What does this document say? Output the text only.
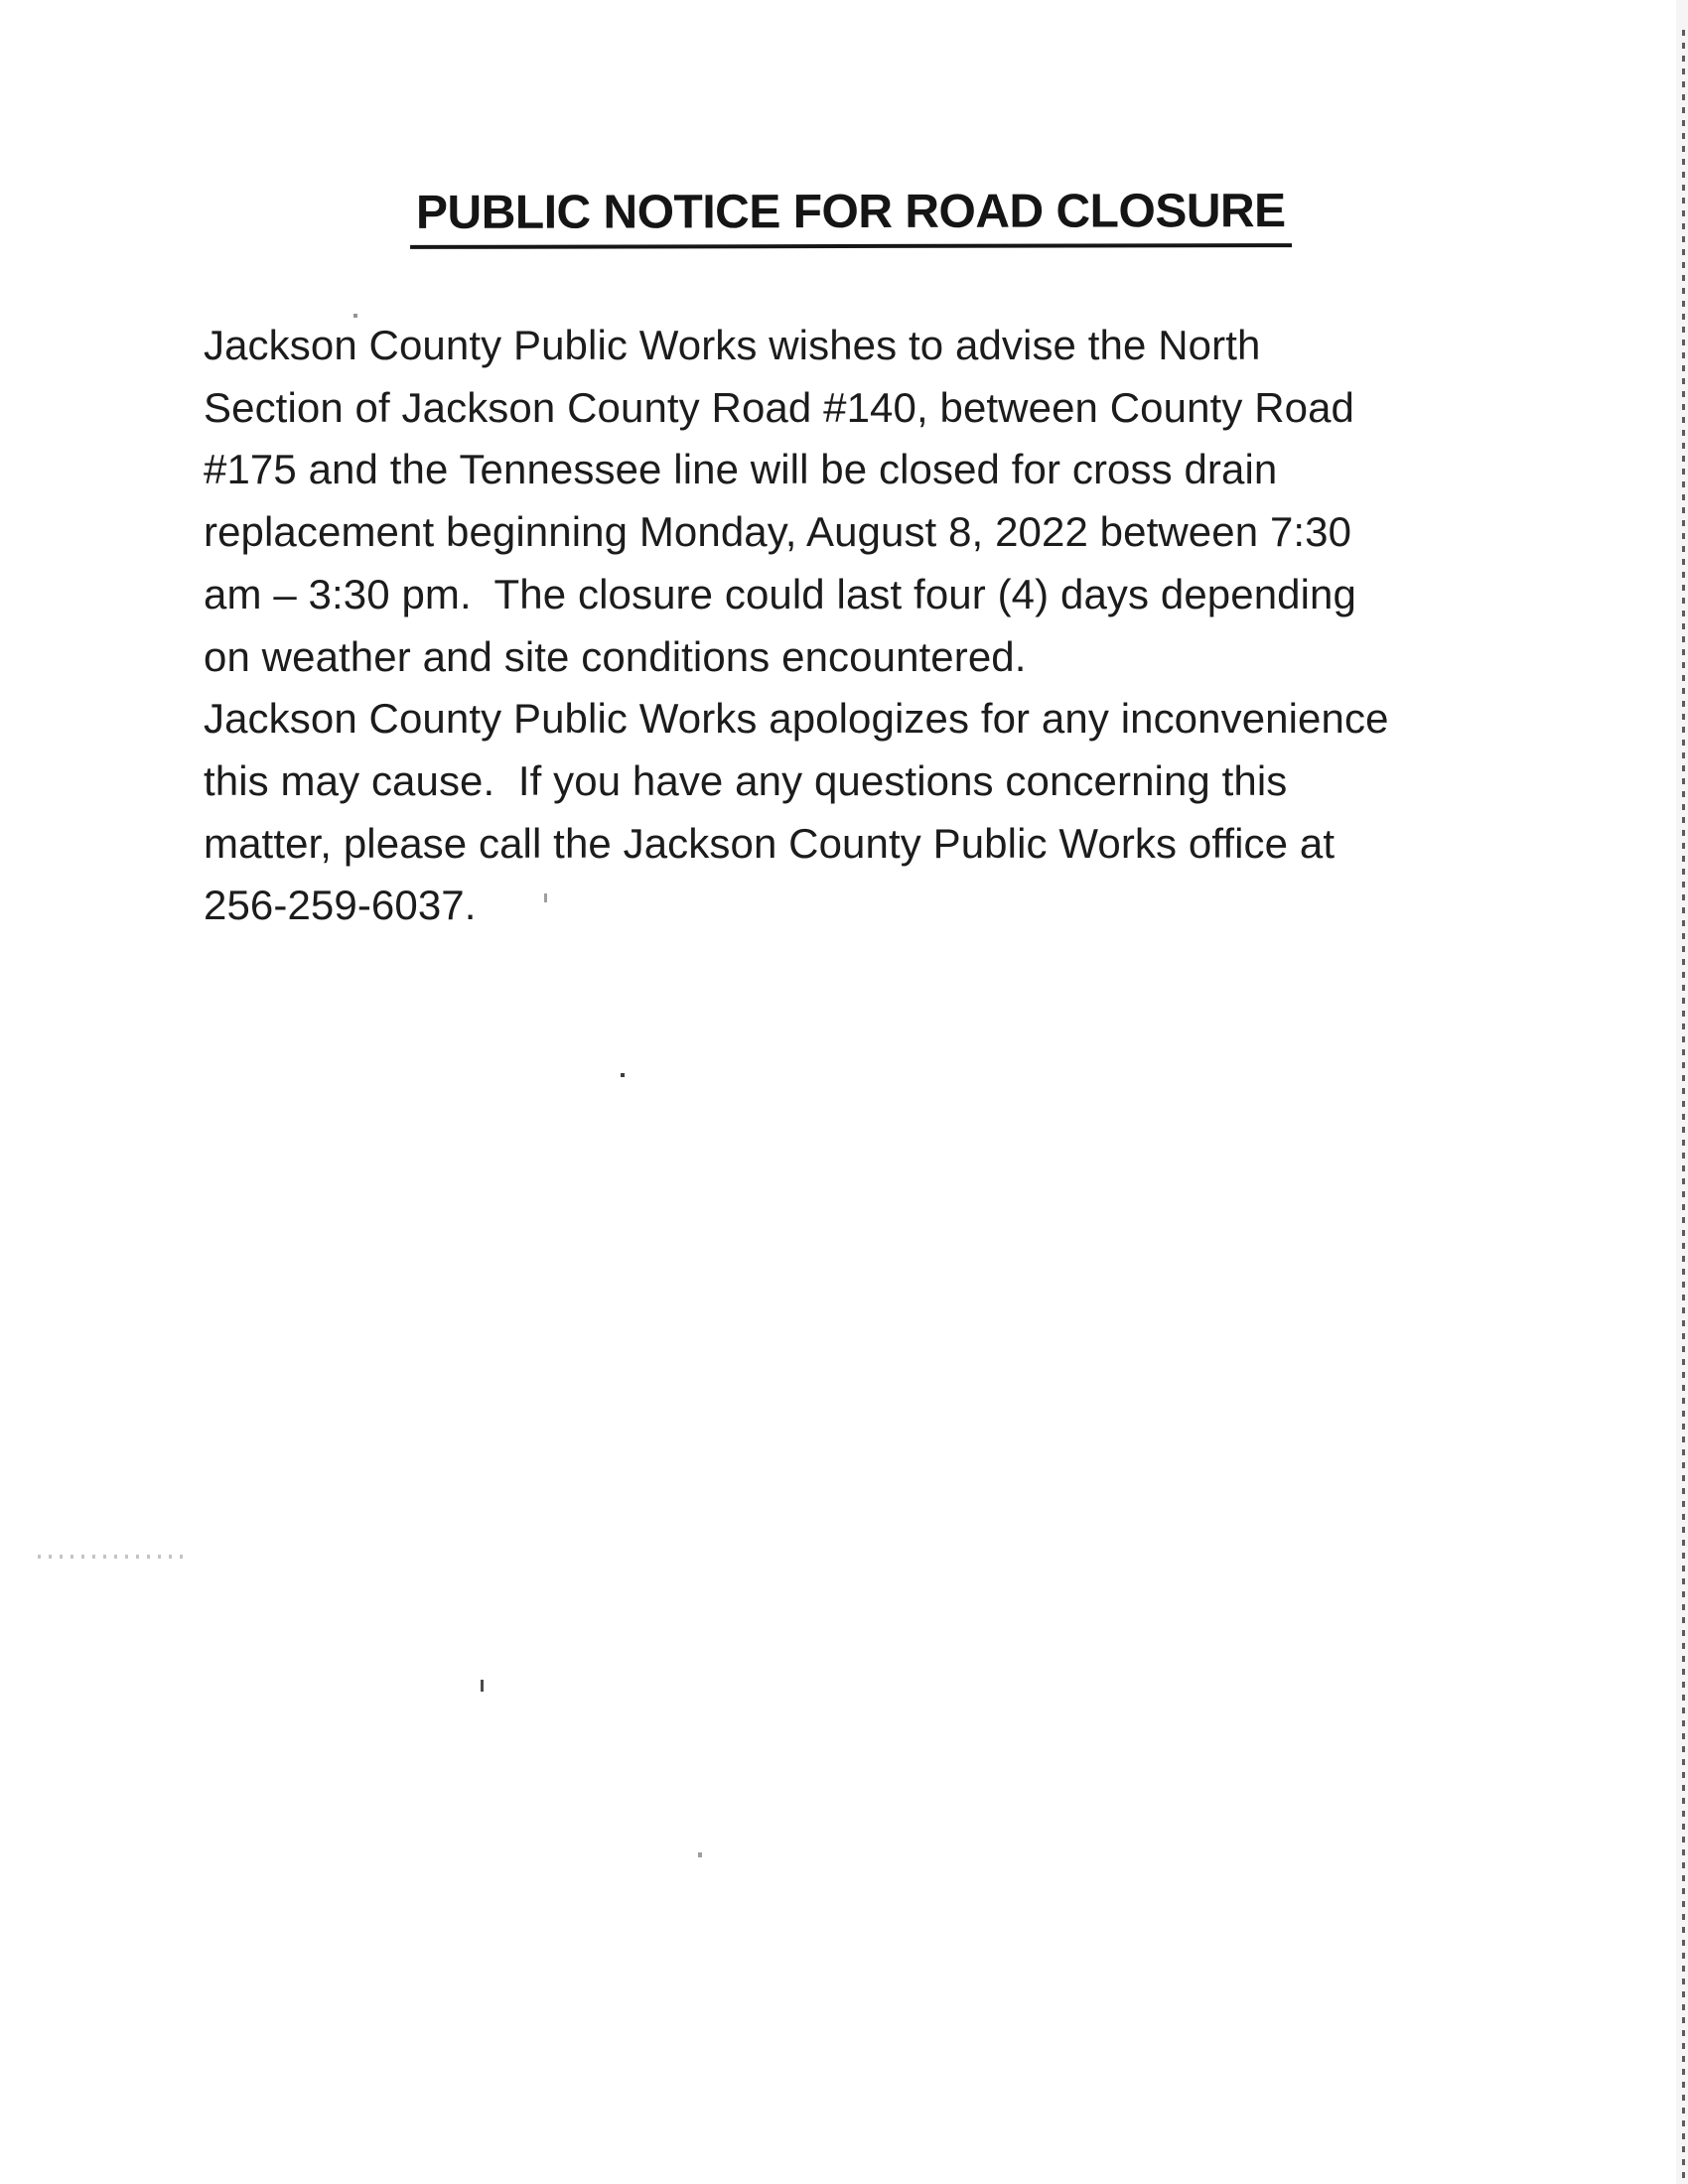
PUBLIC NOTICE FOR ROAD CLOSURE
Jackson County Public Works wishes to advise the North
Section of Jackson County Road #140, between County Road
#175 and the Tennessee line will be closed for cross drain
replacement beginning Monday, August 8, 2022 between 7:30
am – 3:30 pm.  The closure could last four (4) days depending
on weather and site conditions encountered.
Jackson County Public Works apologizes for any inconvenience
this may cause.  If you have any questions concerning this
matter, please call the Jackson County Public Works office at
256-259-6037.
